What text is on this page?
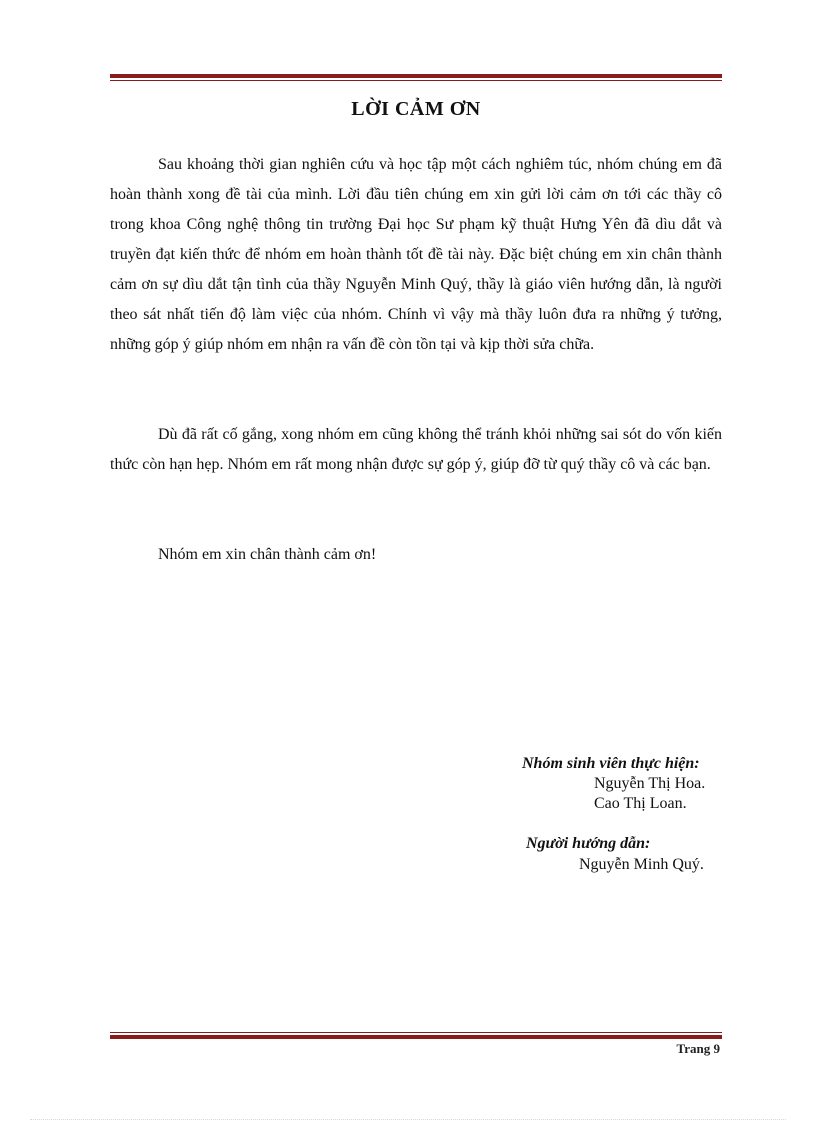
LỜI CẢM ƠN

Sau khoảng thời gian nghiên cứu và học tập một cách nghiêm túc, nhóm chúng em đã hoàn thành xong đề tài của mình. Lời đầu tiên chúng em xin gửi lời cảm ơn tới các thầy cô trong khoa Công nghệ thông tin trường Đại học Sư phạm kỹ thuật Hưng Yên đã dìu dắt và truyền đạt kiến thức để nhóm em hoàn thành tốt đề tài này. Đặc biệt chúng em xin chân thành cảm ơn sự dìu dắt tận tình của thầy Nguyễn Minh Quý, thầy là giáo viên hướng dẫn, là người theo sát nhất tiến độ làm việc của nhóm. Chính vì vậy mà thầy luôn đưa ra những ý tưởng, những góp ý giúp nhóm em nhận ra vấn đề còn tồn tại và kịp thời sửa chữa.

Dù đã rất cố gắng, xong nhóm em cũng không thể tránh khỏi những sai sót do vốn kiến thức còn hạn hẹp. Nhóm em rất mong nhận được sự góp ý, giúp đỡ từ quý thầy cô và các bạn.

Nhóm em xin chân thành cảm ơn!

Nhóm sinh viên thực hiện:
Nguyễn Thị Hoa.
Cao Thị Loan.
Người hướng dẫn:
Nguyễn Minh Quý.
Trang 9
